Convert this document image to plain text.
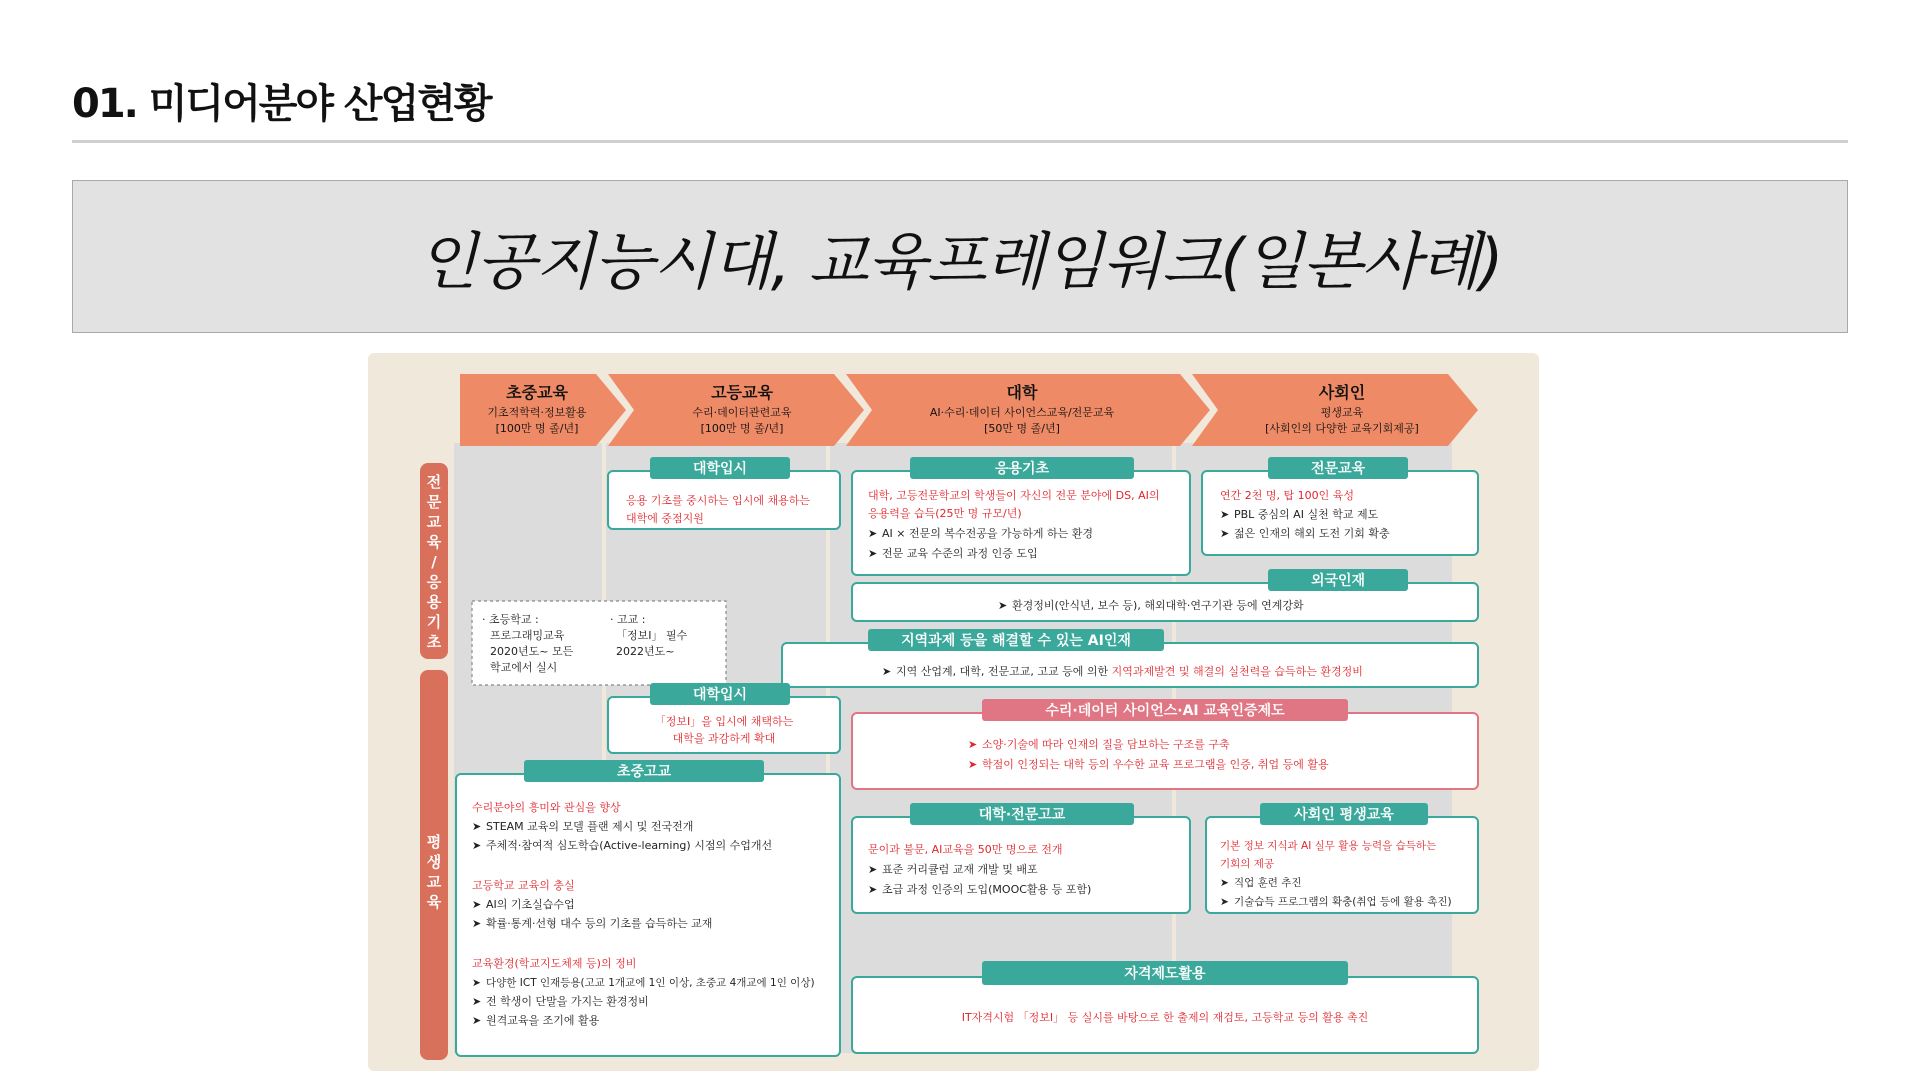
01. 미디어분야 산업현황
인공지능시대, 교육프레임워크(일본사례)
초중교육
기초적학력·정보활용
[100만 명 졸/년]
고등교육
수리·데이터관련교육
[100만 명 졸/년]
대학
AI·수리·데이터 사이언스교육/전문교육
[50만 명 졸/년]
사회인
평생교육
[사회인의 다양한 교육기회제공]
전
문
교
육
/
응
용
기
초
평
생
교
육
대학입시
응용 기초를 중시하는 입시에 채용하는
대학에 중점지원
응용기초
대학, 고등전문학교의 학생들이 자신의 전문 분야에 DS, AI의
응용력을 습득(25만 명 규모/년)
➤ AI × 전문의 복수전공을 가능하게 하는 환경
➤ 전문 교육 수준의 과정 인증 도입
전문교육
연간 2천 명, 탑 100인 육성
➤ PBL 중심의 AI 실천 학교 제도
➤ 젊은 인재의 해외 도전 기회 확충
외국인재
➤ 환경정비(안식년, 보수 등), 해외대학·연구기관 등에 연계강화
· 초등학교 :
프로그래밍교육
2020년도~ 모든
학교에서 실시
· 고교 :
「정보Ⅰ」 필수
2022년도~
지역과제 등을 해결할 수 있는 AI인재
➤ 지역 산업계, 대학, 전문고교, 고교 등에 의한 지역과제발견 및 해결의 실천력을 습득하는 환경정비
대학입시
「정보Ⅰ」을 입시에 채택하는
대학을 과감하게 확대
수리·데이터 사이언스·AI 교육인증제도
➤ 소양·기술에 따라 인재의 질을 담보하는 구조를 구축
➤ 학점이 인정되는 대학 등의 우수한 교육 프로그램을 인증, 취업 등에 활용
초중고교
수리분야의 흥미와 관심을 향상
➤ STEAM 교육의 모델 플랜 제시 및 전국전개
➤ 주체적·참여적 심도학습(Active-learning) 시점의 수업개선
고등학교 교육의 충실
➤ AI의 기초실습수업
➤ 확률·통계·선형 대수 등의 기초를 습득하는 교재
교육환경(학교지도체제 등)의 정비
➤ 다양한 ICT 인재등용(고교 1개교에 1인 이상, 초중교 4개교에 1인 이상)
➤ 전 학생이 단말을 가지는 환경정비
➤ 원격교육을 조기에 활용
대학·전문고교
문이과 불문, AI교육을 50만 명으로 전개
➤ 표준 커리큘럼 교재 개발 및 배포
➤ 초급 과정 인증의 도입(MOOC활용 등 포함)
사회인 평생교육
기본 정보 지식과 AI 실무 활용 능력을 습득하는
기회의 제공
➤ 직업 훈련 추진
➤ 기술습득 프로그램의 확충(취업 등에 활용 촉진)
자격제도활용
IT자격시험 「정보Ⅰ」 등 실시를 바탕으로 한 출제의 재검토, 고등학교 등의 활용 촉진
